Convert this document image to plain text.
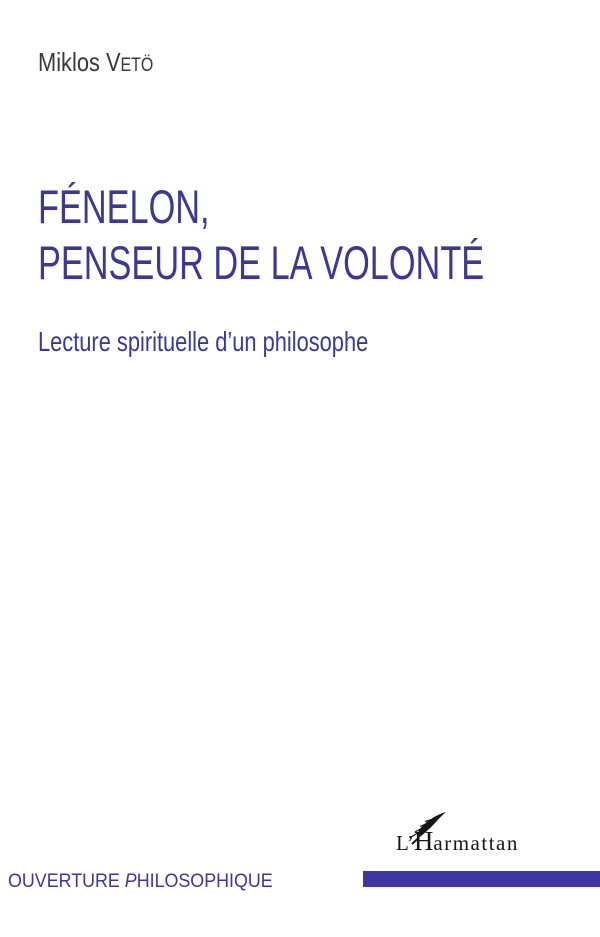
Miklos VETÖ
FÉNELON,
PENSEUR DE LA VOLONTÉ
Lecture spirituelle d’un philosophe
L’Harmattan
OUVERTURE PHILOSOPHIQUE
